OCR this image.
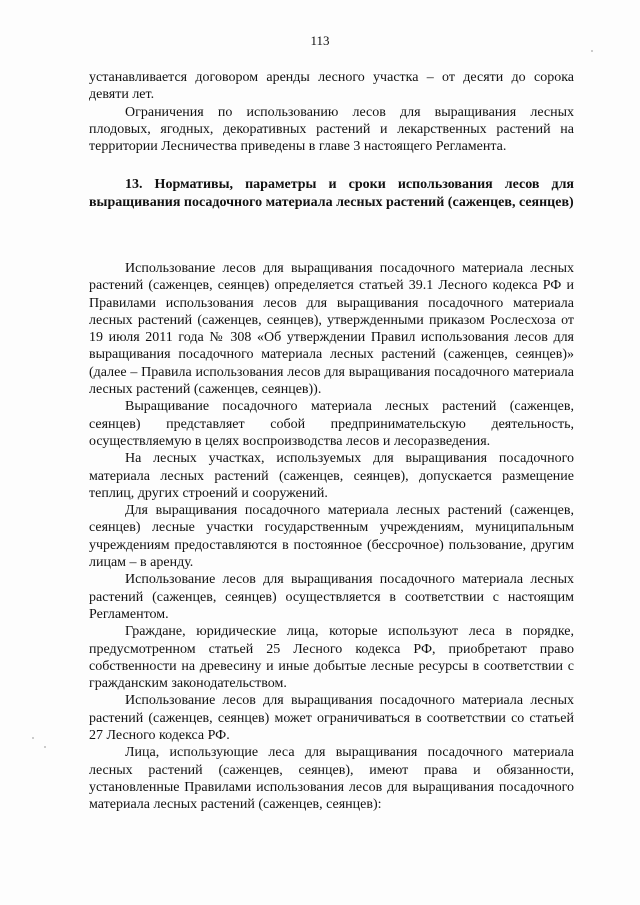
113

устанавливается договором аренды лесного участка – от десяти до сорока девяти лет.

Ограничения по использованию лесов для выращивания лесных плодовых, ягодных, декоративных растений и лекарственных растений на территории Лесничества приведены в главе 3 настоящего Регламента.

13. Нормативы, параметры и сроки использования лесов для выращивания посадочного материала лесных растений (саженцев, сеянцев)

Использование лесов для выращивания посадочного материала лесных растений (саженцев, сеянцев) определяется статьей 39.1 Лесного кодекса РФ и Правилами использования лесов для выращивания посадочного материала лесных растений (саженцев, сеянцев), утвержденными приказом Рослесхоза от 19 июля 2011 года № 308 «Об утверждении Правил использования лесов для выращивания посадочного материала лесных растений (саженцев, сеянцев)» (далее – Правила использования лесов для выращивания посадочного материала лесных растений (саженцев, сеянцев)).

Выращивание посадочного материала лесных растений (саженцев, сеянцев) представляет собой предпринимательскую деятельность, осуществляемую в целях воспроизводства лесов и лесоразведения.

На лесных участках, используемых для выращивания посадочного материала лесных растений (саженцев, сеянцев), допускается размещение теплиц, других строений и сооружений.

Для выращивания посадочного материала лесных растений (саженцев, сеянцев) лесные участки государственным учреждениям, муниципальным учреждениям предоставляются в постоянное (бессрочное) пользование, другим лицам – в аренду.

Использование лесов для выращивания посадочного материала лесных растений (саженцев, сеянцев) осуществляется в соответствии с настоящим Регламентом.

Граждане, юридические лица, которые используют леса в порядке, предусмотренном статьей 25 Лесного кодекса РФ, приобретают право собственности на древесину и иные добытые лесные ресурсы в соответствии с гражданским законодательством.

Использование лесов для выращивания посадочного материала лесных растений (саженцев, сеянцев) может ограничиваться в соответствии со статьей 27 Лесного кодекса РФ.

Лица, использующие леса для выращивания посадочного материала лесных растений (саженцев, сеянцев), имеют права и обязанности, установленные Правилами использования лесов для выращивания посадочного материала лесных растений (саженцев, сеянцев):
